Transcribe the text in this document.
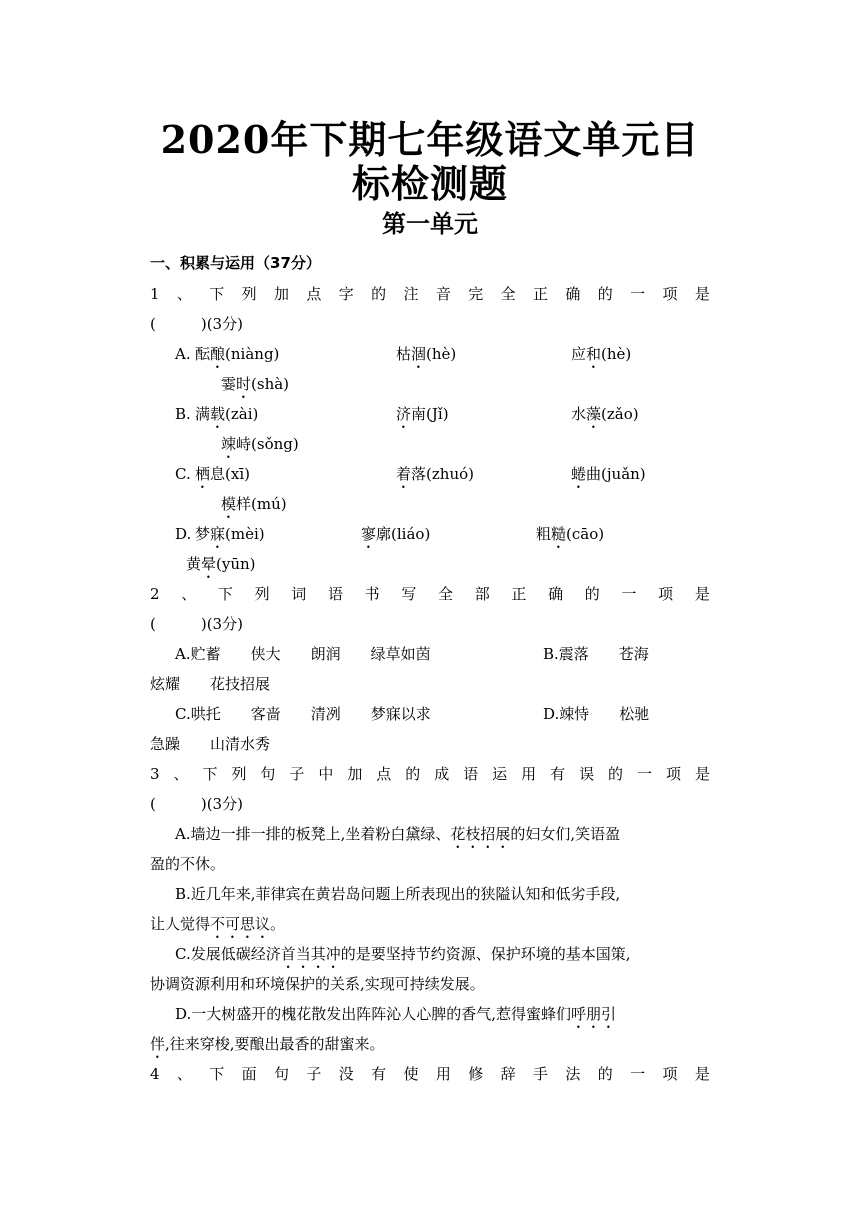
2020年下期七年级语文单元目
标检测题
第一单元
一、积累与运用（37分）
1 、 下 列 加 点 字 的 注 音 完 全 正 确 的 一 项 是
(　　　)(3分)
A. 酝酿(niàng)	枯涸(hè)	应和(hè)
霎时(shà)
B. 满载(zài)	济南(Jǐ)	水藻(zǎo)
竦峙(sǒng)
C. 栖息(xī)	着落(zhuó)	蜷曲(juǎn)
模样(mú)
D. 梦寐(mèi)	寥廓(liáo)	粗糙(cāo)
黄晕(yūn)
2 、 下 列 词 语 书 写 全 部 正 确 的 一 项 是
(　　　)(3分)
A.贮蓄　　侠大　　朗润　　绿草如茵	B.震落　　苍海
炫耀　　花技招展
C.哄托　　客啬　　清冽　　梦寐以求	D.竦恃　　松驰
急躁　　山清水秀
3 、 下 列 句 子 中 加 点 的 成 语 运 用 有 误 的 一 项 是
(　　　)(3分)
A.墙边一排一排的板凳上,坐着粉白黛绿、花枝招展的妇女们,笑语盈
盈的不休。
B.近几年来,菲律宾在黄岩岛问题上所表现出的狭隘认知和低劣手段,
让人觉得不可思议。
C.发展低碳经济首当其冲的是要坚持节约资源、保护环境的基本国策,
协调资源利用和环境保护的关系,实现可持续发展。
D.一大树盛开的槐花散发出阵阵沁人心脾的香气,惹得蜜蜂们呼朋引
伴,往来穿梭,要酿出最香的甜蜜来。
4 、 下 面 句 子 没 有 使 用 修 辞 手 法 的 一 项 是
